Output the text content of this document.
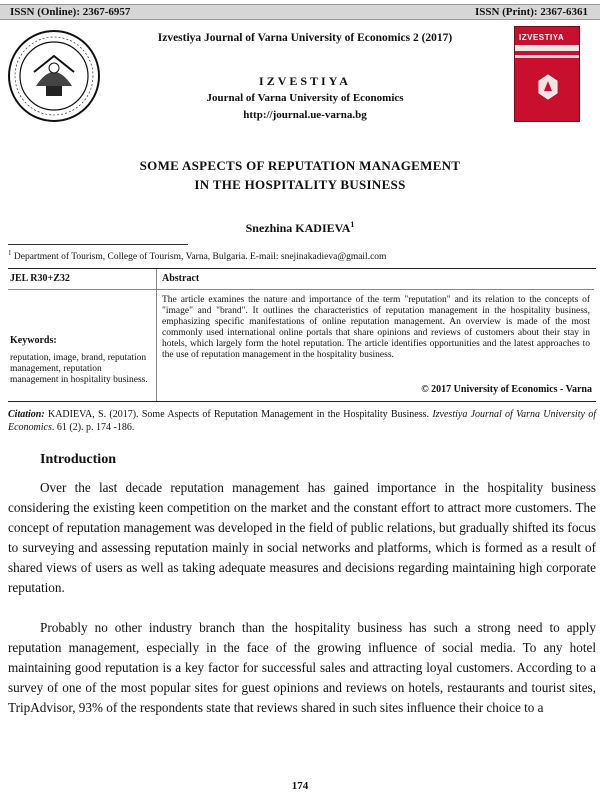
ISSN (Online): 2367-6957	ISSN (Print): 2367-6361
Izvestiya Journal of Varna University of Economics 2 (2017)
IZVESTIYA
Journal of Varna University of Economics
http://journal.ue-varna.bg
IZVESTIYA
SOME ASPECTS OF REPUTATION MANAGEMENT
IN THE HOSPITALITY BUSINESS
Snezhina KADIEVA$^1$
$^1$ Department of Tourism, College of Tourism, Varna, Bulgaria. E-mail: snejinakadieva@gmail.com
JEL R30+Z32	Abstract
Keywords:
reputation, image, brand, reputation management, reputation management in hospitality business.
The article examines the nature and importance of the term "reputation" and its relation to the concepts of "image" and "brand". It outlines the characteristics of reputation management in the hospitality business, emphasizing specific manifestations of online reputation management. An overview is made of the most commonly used international online portals that share opinions and reviews of customers about their stay in hotels, which largely form the hotel reputation. The article identifies opportunities and the latest approaches to the use of reputation management in the hospitality business.
© 2017 University of Economics - Varna
Citation: KADIEVA, S. (2017). Some Aspects of Reputation Management in the Hospitality Business. Izvestiya Journal of Varna University of Economics. 61 (2). p. 174 -186.
Introduction

Over the last decade reputation management has gained importance in the hospitality business considering the existing keen competition on the market and the constant effort to attract more customers. The concept of reputation management was developed in the field of public relations, but gradually shifted its focus to surveying and assessing reputation mainly in social networks and platforms, which is formed as a result of shared views of users as well as taking adequate measures and decisions regarding maintaining high corporate reputation.

Probably no other industry branch than the hospitality business has such a strong need to apply reputation management, especially in the face of the growing influence of social media. To any hotel maintaining good reputation is a key factor for successful sales and attracting loyal customers. According to a survey of one of the most popular sites for guest opinions and reviews on hotels, restaurants and tourist sites, TripAdvisor, 93% of the respondents state that reviews shared in such sites influence their choice to a

174
